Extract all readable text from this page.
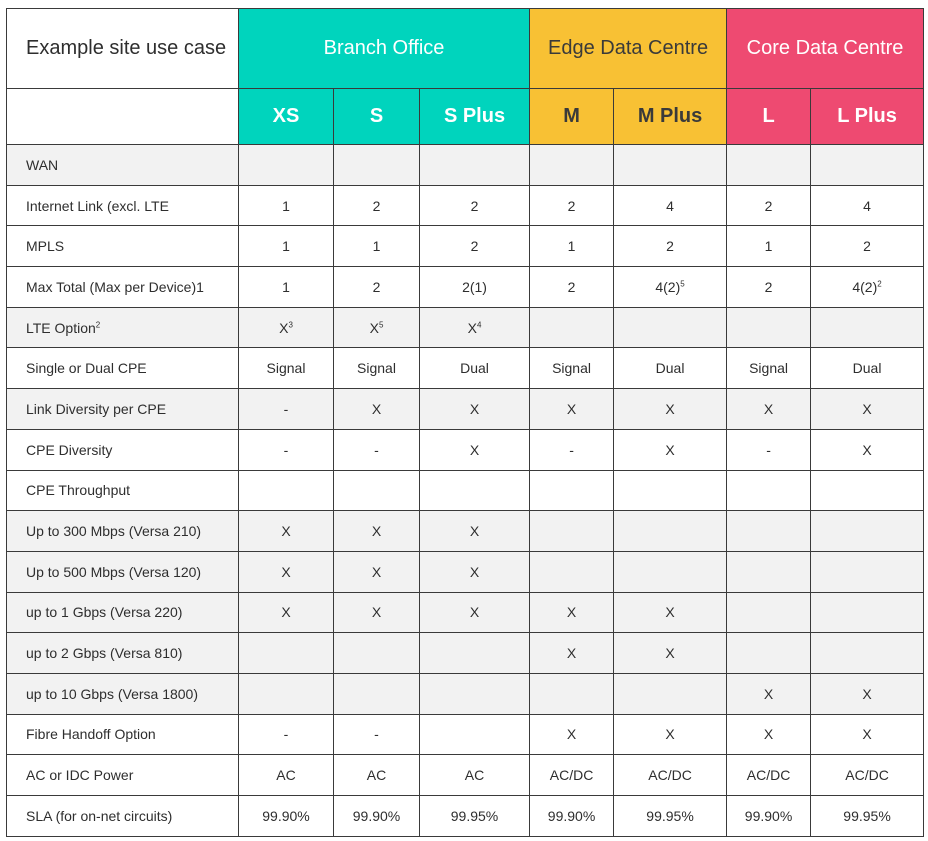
Example site use case	Branch Office			Edge Data Centre		Core Data Centre	
	XS	S	S Plus	M	M Plus	L	L Plus
WAN							
Internet Link (excl. LTE	1	2	2	2	4	2	4
MPLS	1	1	2	1	2	1	2
Max Total (Max per Device)1	1	2	2(1)	2	$4(2)^5$	2	$4(2)^2$
LTE Option$^2$	$X^3$	$X^5$	$X^4$				
Single or Dual CPE	Signal	Signal	Dual	Signal	Dual	Signal	Dual
Link Diversity per CPE	-	X	X	X	X	X	X
CPE Diversity	-	-	X	-	X	-	X
CPE Throughput							
Up to 300 Mbps (Versa 210)	X	X	X				
Up to 500 Mbps (Versa 120)	X	X	X				
up to 1 Gbps (Versa 220)	X	X	X	X	X		
up to 2 Gbps (Versa 810)				X	X		
up to 10 Gbps (Versa 1800)						X	X
Fibre Handoff Option	-	-		X	X	X	X
AC or IDC Power	AC	AC	AC	AC/DC	AC/DC	AC/DC	AC/DC
SLA (for on-net circuits)	99.90%	99.90%	99.95%	99.90%	99.95%	99.90%	99.95%
